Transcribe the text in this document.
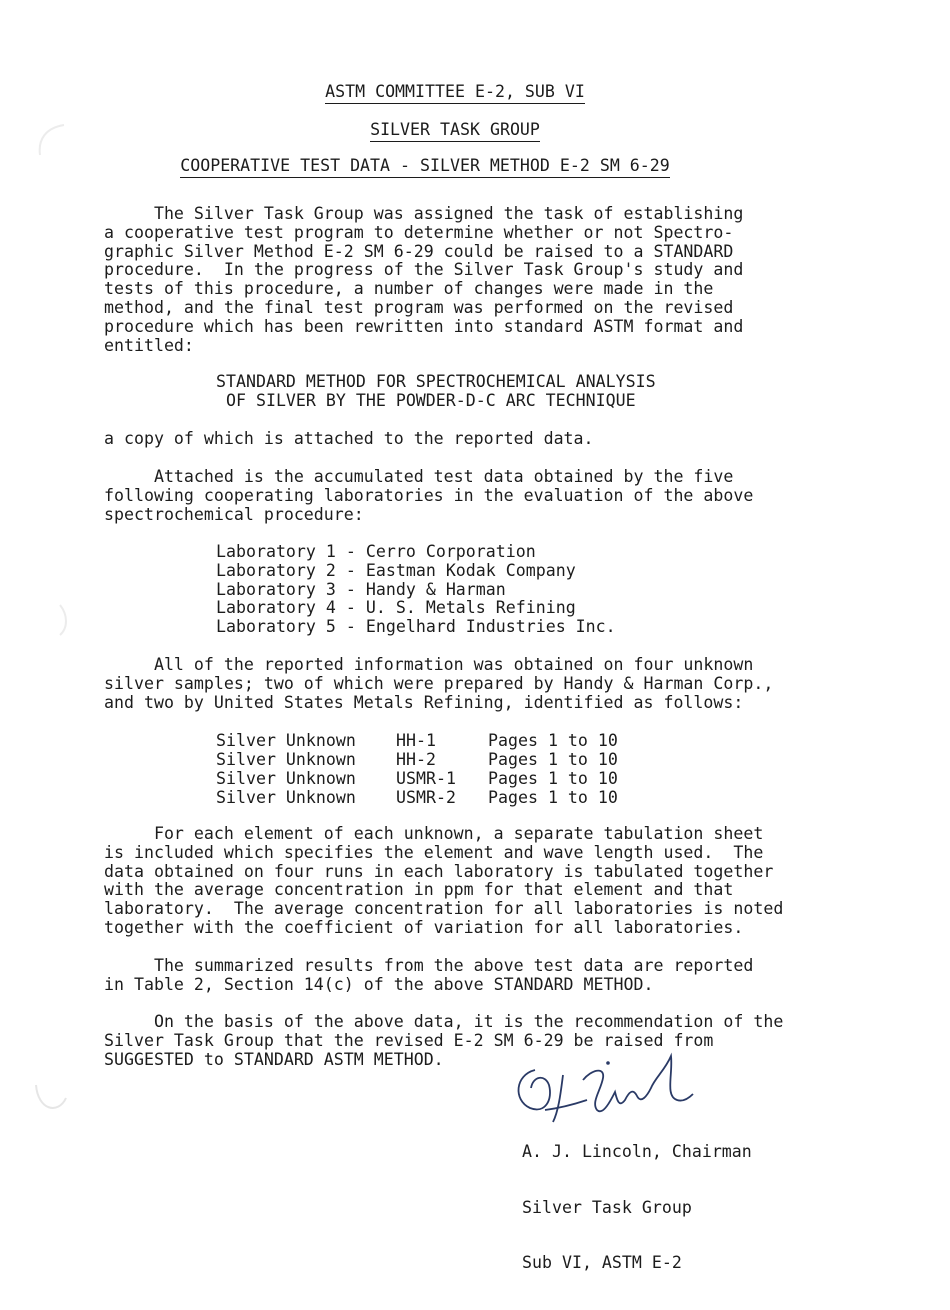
ASTM COMMITTEE E-2, SUB VI
SILVER TASK GROUP
COOPERATIVE TEST DATA - SILVER METHOD E-2 SM 6-29

The Silver Task Group was assigned the task of establishing
a cooperative test program to determine whether or not Spectro-
graphic Silver Method E-2 SM 6-29 could be raised to a STANDARD
procedure.  In the progress of the Silver Task Group's study and
tests of this procedure, a number of changes were made in the
method, and the final test program was performed on the revised
procedure which has been rewritten into standard ASTM format and
entitled:

STANDARD METHOD FOR SPECTROCHEMICAL ANALYSIS
OF SILVER BY THE POWDER-D-C ARC TECHNIQUE

a copy of which is attached to the reported data.

Attached is the accumulated test data obtained by the five
following cooperating laboratories in the evaluation of the above
spectrochemical procedure:

Laboratory 1	-	Cerro Corporation
Laboratory 2	-	Eastman Kodak Company
Laboratory 3	-	Handy & Harman
Laboratory 4	-	U. S. Metals Refining
Laboratory 5	-	Engelhard Industries Inc.

All of the reported information was obtained on four unknown
silver samples; two of which were prepared by Handy & Harman Corp.,
and two by United States Metals Refining, identified as follows:

Silver Unknown	HH-1	Pages 1 to 10
Silver Unknown	HH-2	Pages 1 to 10
Silver Unknown	USMR-1	Pages 1 to 10
Silver Unknown	USMR-2	Pages 1 to 10

For each element of each unknown, a separate tabulation sheet
is included which specifies the element and wave length used.  The
data obtained on four runs in each laboratory is tabulated together
with the average concentration in ppm for that element and that
laboratory.  The average concentration for all laboratories is noted
together with the coefficient of variation for all laboratories.

The summarized results from the above test data are reported
in Table 2, Section 14(c) of the above STANDARD METHOD.

On the basis of the above data, it is the recommendation of the
Silver Task Group that the revised E-2 SM 6-29 be raised from
SUGGESTED to STANDARD ASTM METHOD.

A. J. Lincoln, Chairman

Silver Task Group

Sub VI, ASTM E-2
